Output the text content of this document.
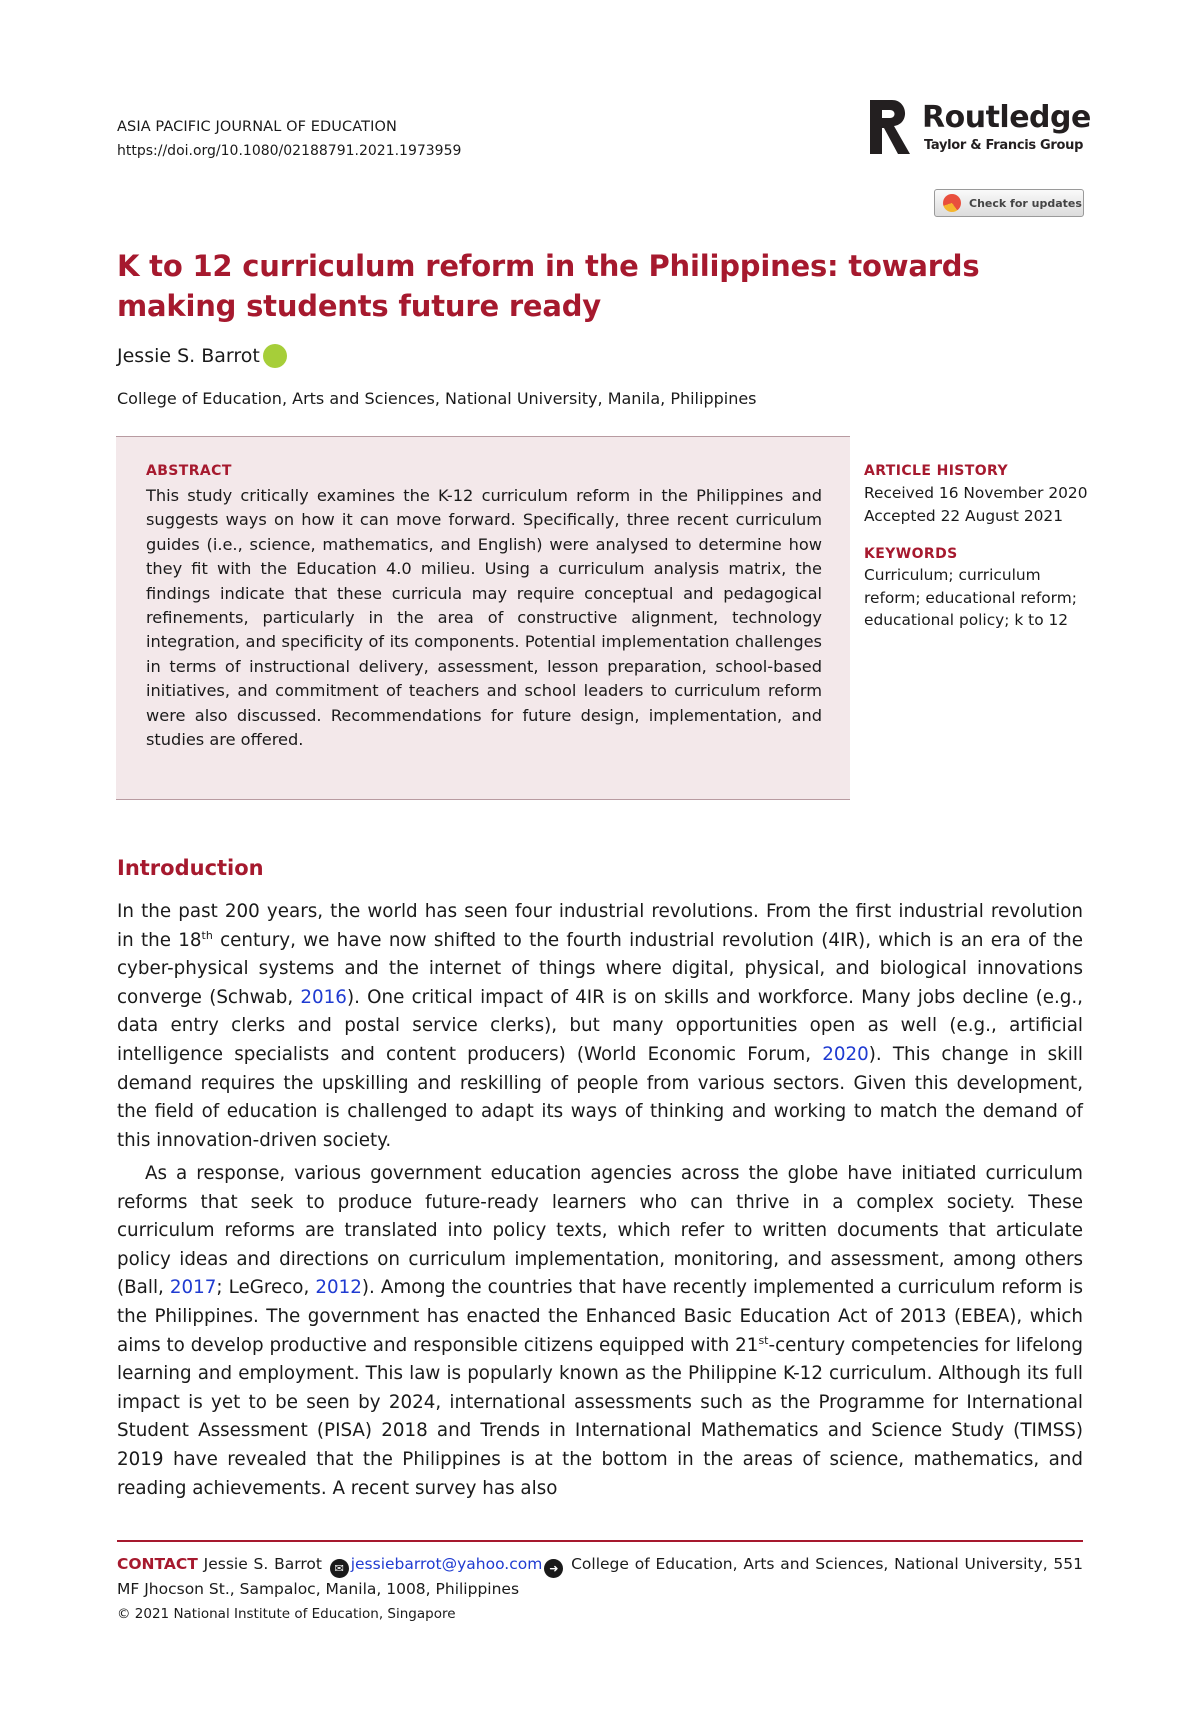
ASIA PACIFIC JOURNAL OF EDUCATION
https://doi.org/10.1080/02188791.2021.1973959
Routledge
Taylor & Francis Group
Check for updates
K to 12 curriculum reform in the Philippines: towards making students future ready
Jessie S. Barrot
College of Education, Arts and Sciences, National University, Manila, Philippines
ABSTRACT
This study critically examines the K-12 curriculum reform in the Philippines and suggests ways on how it can move forward. Specifically, three recent curriculum guides (i.e., science, mathematics, and English) were analysed to determine how they fit with the Education 4.0 milieu. Using a curriculum analysis matrix, the findings indicate that these curricula may require conceptual and pedagogical refinements, particularly in the area of constructive alignment, technology integration, and specificity of its components. Potential implementation challenges in terms of instructional delivery, assessment, lesson preparation, school-based initiatives, and commitment of teachers and school leaders to curriculum reform were also discussed. Recommendations for future design, implementation, and studies are offered.
ARTICLE HISTORY
Received 16 November 2020
Accepted 22 August 2021
KEYWORDS
Curriculum; curriculum reform; educational reform; educational policy; k to 12
Introduction
In the past 200 years, the world has seen four industrial revolutions. From the first industrial revolution in the 18th century, we have now shifted to the fourth industrial revolution (4IR), which is an era of the cyber-physical systems and the internet of things where digital, physical, and biological innovations converge (Schwab, 2016). One critical impact of 4IR is on skills and workforce. Many jobs decline (e.g., data entry clerks and postal service clerks), but many opportunities open as well (e.g., artificial intelligence specialists and content producers) (World Economic Forum, 2020). This change in skill demand requires the upskilling and reskilling of people from various sectors. Given this development, the field of education is challenged to adapt its ways of thinking and working to match the demand of this innovation-driven society.
As a response, various government education agencies across the globe have initiated curriculum reforms that seek to produce future-ready learners who can thrive in a complex society. These curriculum reforms are translated into policy texts, which refer to written documents that articulate policy ideas and directions on curriculum implementation, monitoring, and assessment, among others (Ball, 2017; LeGreco, 2012). Among the countries that have recently implemented a curriculum reform is the Philippines. The government has enacted the Enhanced Basic Education Act of 2013 (EBEA), which aims to develop productive and responsible citizens equipped with 21st-century competencies for lifelong learning and employment. This law is popularly known as the Philippine K-12 curriculum. Although its full impact is yet to be seen by 2024, international assessments such as the Programme for International Student Assessment (PISA) 2018 and Trends in International Mathematics and Science Study (TIMSS) 2019 have revealed that the Philippines is at the bottom in the areas of science, mathematics, and reading achievements. A recent survey has also
CONTACT Jessie S. Barrot ✉ jessiebarrot@yahoo.com ➜ College of Education, Arts and Sciences, National University, 551 MF Jhocson St., Sampaloc, Manila, 1008, Philippines
© 2021 National Institute of Education, Singapore
